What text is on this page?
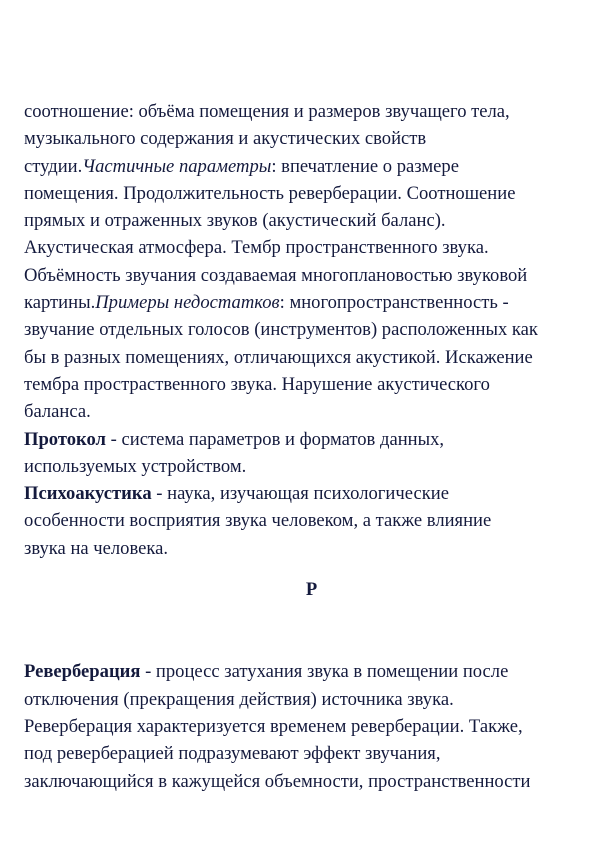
соотношение: объёма помещения и размеров звучащего тела,
музыкального содержания и акустических свойств
студии.Частичные параметры: впечатление о размере
помещения. Продолжительность реверберации. Соотношение
прямых и отраженных звуков (акустический баланс).
Акустическая атмосфера. Тембр пространственного звука.
Объёмность звучания создаваемая многоплановостью звуковой
картины.Примеры недостатков: многопространственность -
звучание отдельных голосов (инструментов) расположенных как
бы в разных помещениях, отличающихся акустикой. Искажение
тембра простраственного звука. Нарушение акустического
баланса.
Протокол - система параметров и форматов данных,
используемых устройством.
Психоакустика - наука, изучающая психологические
особенности восприятия звука человеком, а также влияние
звука на человека.
Р
Реверберация - процесс затухания звука в помещении после
отключения (прекращения действия) источника звука.
Реверберация характеризуется временем реверберации. Также,
под реверберацией подразумевают эффект звучания,
заключающийся в кажущейся объемности, пространственности
